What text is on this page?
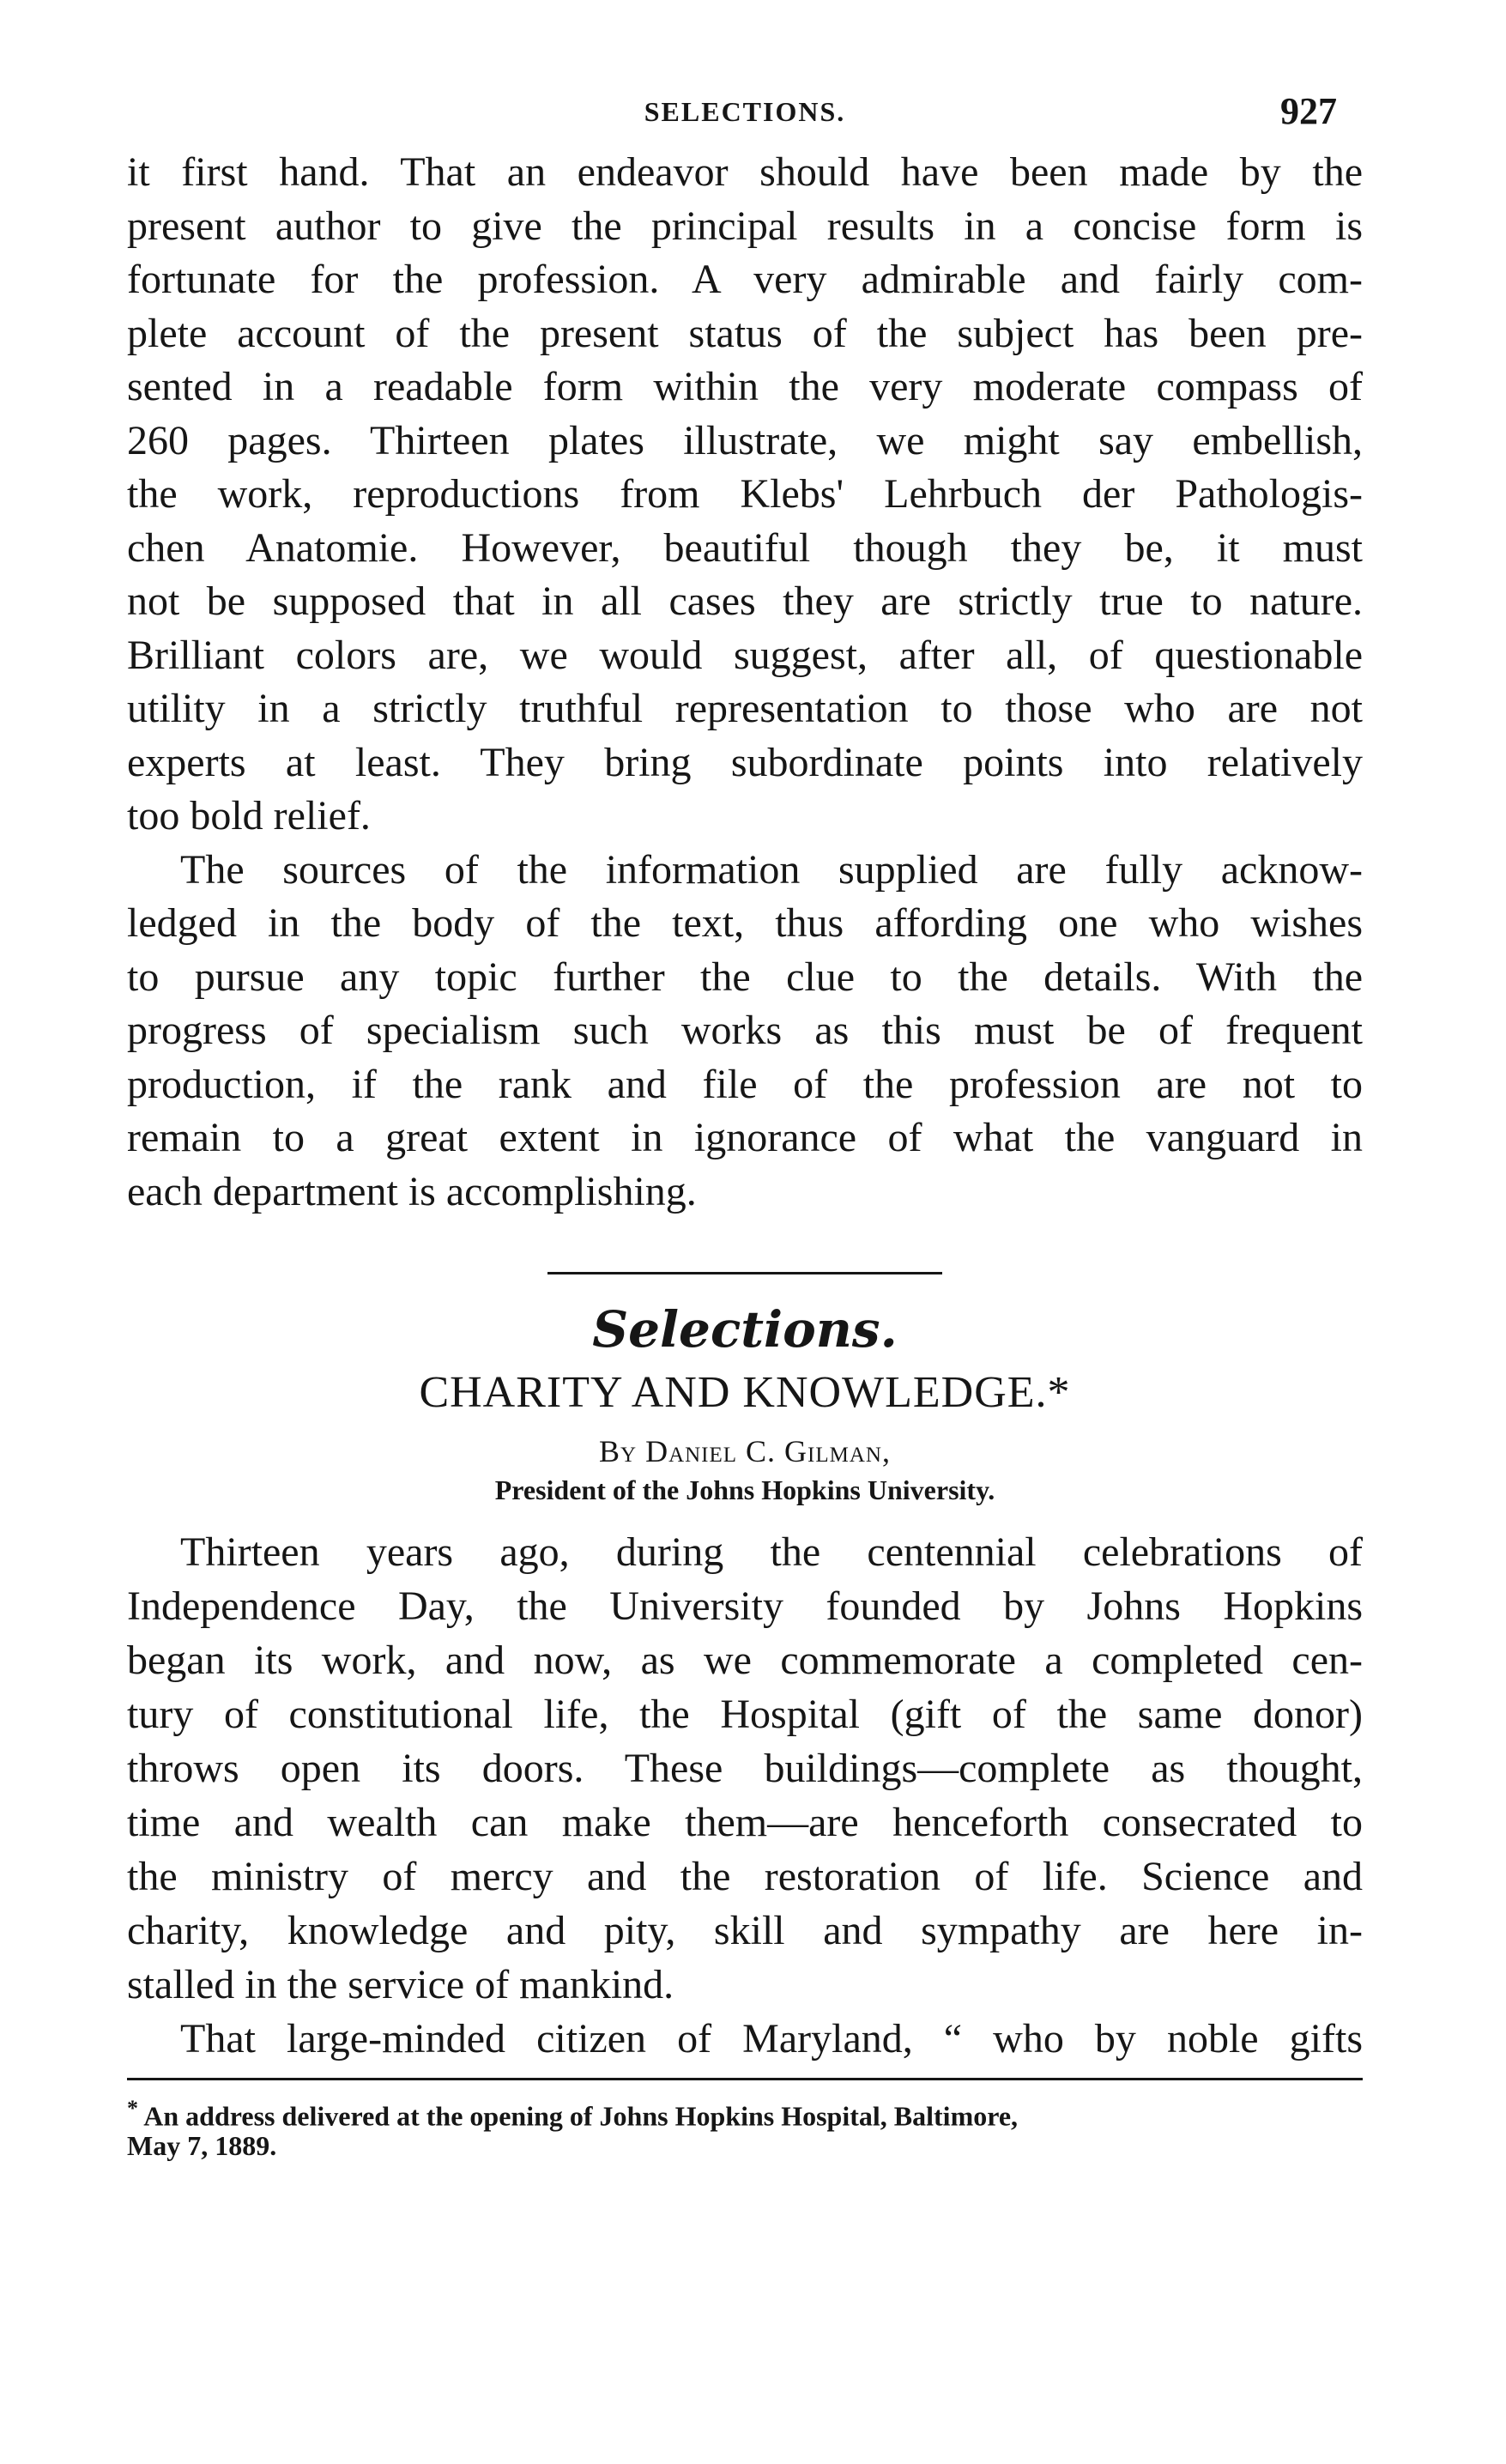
SELECTIONS.	927

it first hand. That an endeavor should have been made by the
present author to give the principal results in a concise form is
fortunate for the profession. A very admirable and fairly com-
plete account of the present status of the subject has been pre-
sented in a readable form within the very moderate compass of
260 pages. Thirteen plates illustrate, we might say embellish,
the work, reproductions from Klebs' Lehrbuch der Pathologis-
chen Anatomie. However, beautiful though they be, it must
not be supposed that in all cases they are strictly true to nature.
Brilliant colors are, we would suggest, after all, of questionable
utility in a strictly truthful representation to those who are not
experts at least. They bring subordinate points into relatively
too bold relief.

The sources of the information supplied are fully acknow-
ledged in the body of the text, thus affording one who wishes
to pursue any topic further the clue to the details. With the
progress of specialism such works as this must be of frequent
production, if the rank and file of the profession are not to
remain to a great extent in ignorance of what the vanguard in
each department is accomplishing.

Selections.
CHARITY AND KNOWLEDGE.*
By Daniel C. Gilman,
President of the Johns Hopkins University.

Thirteen years ago, during the centennial celebrations of
Independence Day, the University founded by Johns Hopkins
began its work, and now, as we commemorate a completed cen-
tury of constitutional life, the Hospital (gift of the same donor)
throws open its doors. These buildings—complete as thought,
time and wealth can make them—are henceforth consecrated to
the ministry of mercy and the restoration of life. Science and
charity, knowledge and pity, skill and sympathy are here in-
stalled in the service of mankind.

That large-minded citizen of Maryland, “ who by noble gifts

* An address delivered at the opening of Johns Hopkins Hospital, Baltimore,
May 7, 1889.
